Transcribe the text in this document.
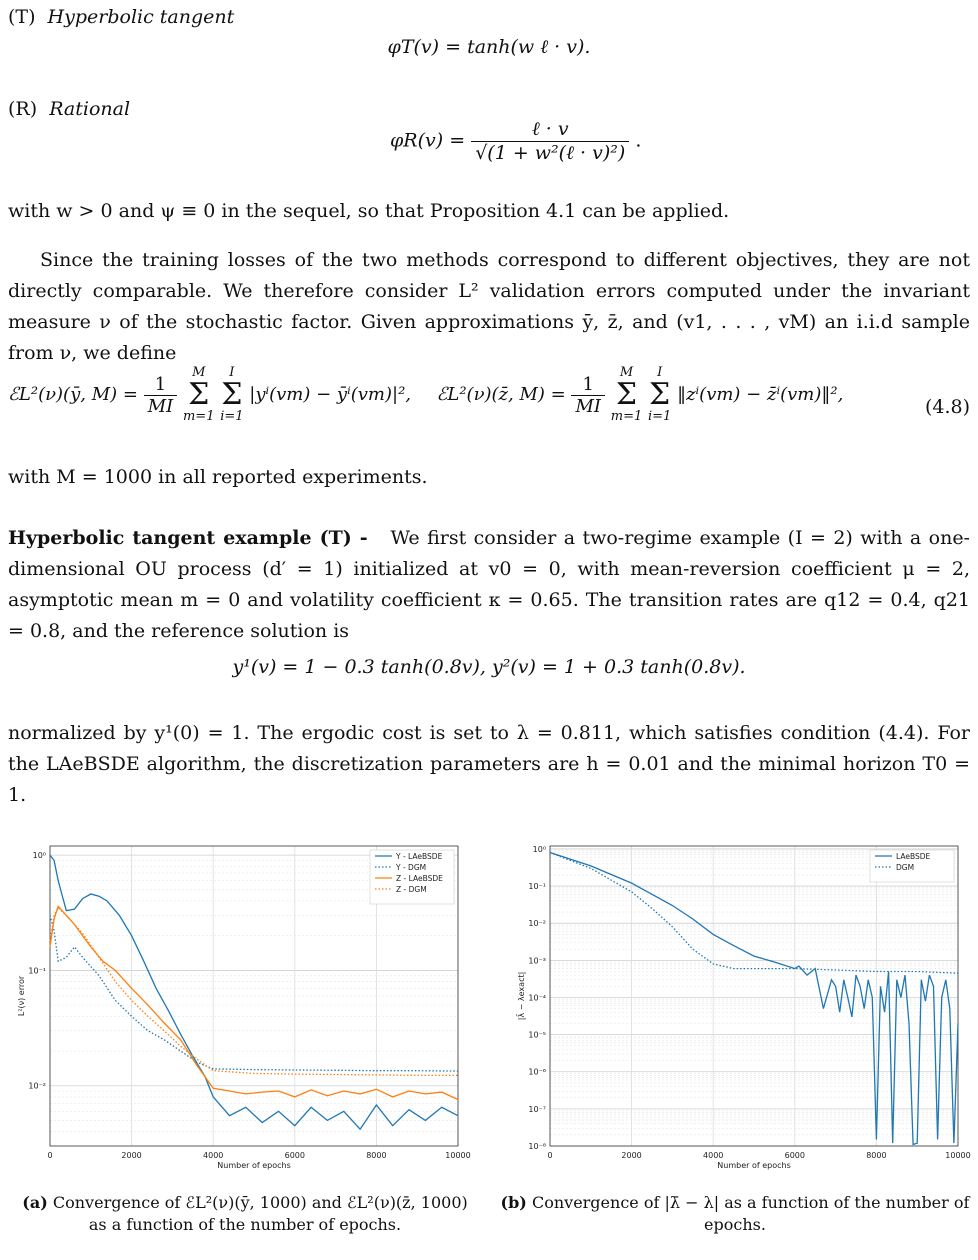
(T) Hyperbolic tangent
φT(v) = tanh(w ℓ · v).
(R) Rational
$\varphi R(v) = \frac{\text{ℓ · v}}{\text{√(1 + w²(ℓ · v)²)}}$ .
with w > 0 and ψ ≡ 0 in the sequel, so that Proposition 4.1 can be applied.
Since the training losses of the two methods correspond to different objectives, they are not directly comparable. We therefore consider L² validation errors computed under the invariant measure ν of the stochastic factor. Given approximations ȳ, z̄, and (v1, . . . , vM) an i.i.d sample from ν, we define
ℰL²(ν)(ȳ, $M) = \frac{1}{MI}$
M
Σ
m=1 I
Σ
i=1 |yⁱ(vm) − ȳⁱ(vm)|², ℰL²(ν)(z̄, $M) = \frac{1}{MI}$
M
Σ
m=1 I
Σ
i=1 ‖zⁱ(vm) − z̄ⁱ(vm)‖²,
(4.8)
with M = 1000 in all reported experiments.
Hyperbolic tangent example (T) - We first consider a two-regime example (I = 2) with a one-dimensional OU process (d′ = 1) initialized at v0 = 0, with mean-reversion coefficient μ = 2, asymptotic mean m = 0 and volatility coefficient κ = 0.65. The transition rates are q12 = 0.4, q21 = 0.8, and the reference solution is
y¹(v) = 1 − 0.3 tanh(0.8v), y²(v) = 1 + 0.3 tanh(0.8v).
normalized by y¹(0) = 1. The ergodic cost is set to λ = 0.811, which satisfies condition (4.4). For the LAeBSDE algorithm, the discretization parameters are h = 0.01 and the minimal horizon T0 = 1.
0	2000	4000	6000	8000	10000
10⁻²
10⁻¹
10⁰	Y - LAeBSDE
Y - DGM
Z - LAeBSDE
Z - DGM
Number of epochs
L²(ν) error
0	2000	4000	6000	8000	10000
10⁻⁸
10⁻⁷
10⁻⁶
10⁻⁵
10⁻⁴
10⁻³
10⁻²
10⁻¹
10⁰
LAeBSDE
DGM
Number of epochs
|λ̄ − λexact|
(a) Convergence of ℰL²(ν)(ȳ, 1000) and ℰL²(ν)(z̄, 1000) as a function of the number of epochs.
(b) Convergence of |λ̄ − λ| as a function of the number of epochs.
